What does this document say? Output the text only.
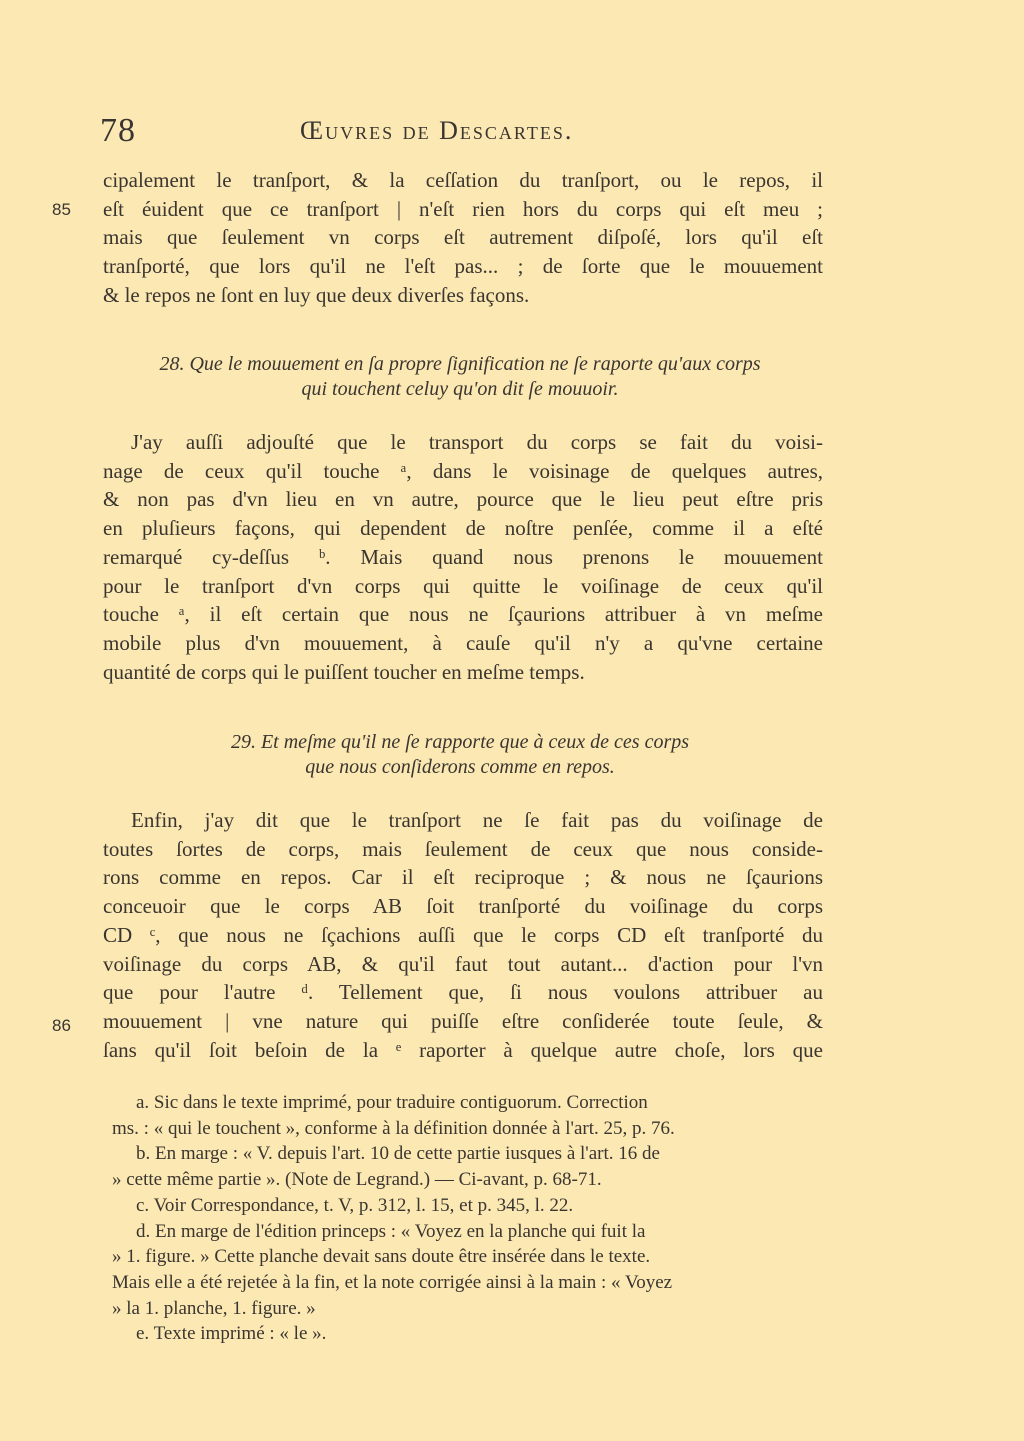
78	Œuvres de Descartes.
85
86
cipalement le tranſport, & la ceſſation du tranſport, ou le repos, il
eſt éuident que ce tranſport | n'eſt rien hors du corps qui eſt meu ;
mais que ſeulement vn corps eſt autrement diſpoſé, lors qu'il eſt
tranſporté, que lors qu'il ne l'eſt pas... ; de ſorte que le mouuement
& le repos ne ſont en luy que deux diverſes façons.
28. Que le mouuement en ſa propre ſignification ne ſe raporte qu'aux corps
qui touchent celuy qu'on dit ſe mouuoir.
J'ay auſſi adjouſté que le transport du corps se fait du voisi-
nage de ceux qu'il touche ᵃ, dans le voisinage de quelques autres,
& non pas d'vn lieu en vn autre, pource que le lieu peut eſtre pris
en pluſieurs façons, qui dependent de noſtre penſée, comme il a eſté
remarqué cy-deſſus ᵇ. Mais quand nous prenons le mouuement
pour le tranſport d'vn corps qui quitte le voiſinage de ceux qu'il
touche ᵃ, il eſt certain que nous ne ſçaurions attribuer à vn meſme
mobile plus d'vn mouuement, à cauſe qu'il n'y a qu'vne certaine
quantité de corps qui le puiſſent toucher en meſme temps.
29. Et meſme qu'il ne ſe rapporte que à ceux de ces corps
que nous conſiderons comme en repos.
Enfin, j'ay dit que le tranſport ne ſe fait pas du voiſinage de
toutes ſortes de corps, mais ſeulement de ceux que nous conside-
rons comme en repos. Car il eſt reciproque ; & nous ne ſçaurions
conceuoir que le corps AB ſoit tranſporté du voiſinage du corps
CD ᶜ, que nous ne ſçachions auſſi que le corps CD eſt tranſporté du
voiſinage du corps AB, & qu'il faut tout autant... d'action pour l'vn
que pour l'autre ᵈ. Tellement que, ſi nous voulons attribuer au
mouuement | vne nature qui puiſſe eſtre conſiderée toute ſeule, &
ſans qu'il ſoit beſoin de la ᵉ raporter à quelque autre choſe, lors que
a. Sic dans le texte imprimé, pour traduire contiguorum. Correction
ms. : « qui le touchent », conforme à la définition donnée à l'art. 25, p. 76.
b. En marge : « V. depuis l'art. 10 de cette partie iusques à l'art. 16 de
» cette même partie ». (Note de Legrand.) — Ci-avant, p. 68-71.
c. Voir Correspondance, t. V, p. 312, l. 15, et p. 345, l. 22.
d. En marge de l'édition princeps : « Voyez en la planche qui fuit la
» 1. figure. » Cette planche devait sans doute être insérée dans le texte.
Mais elle a été rejetée à la fin, et la note corrigée ainsi à la main : « Voyez
» la 1. planche, 1. figure. »
e. Texte imprimé : « le ».
